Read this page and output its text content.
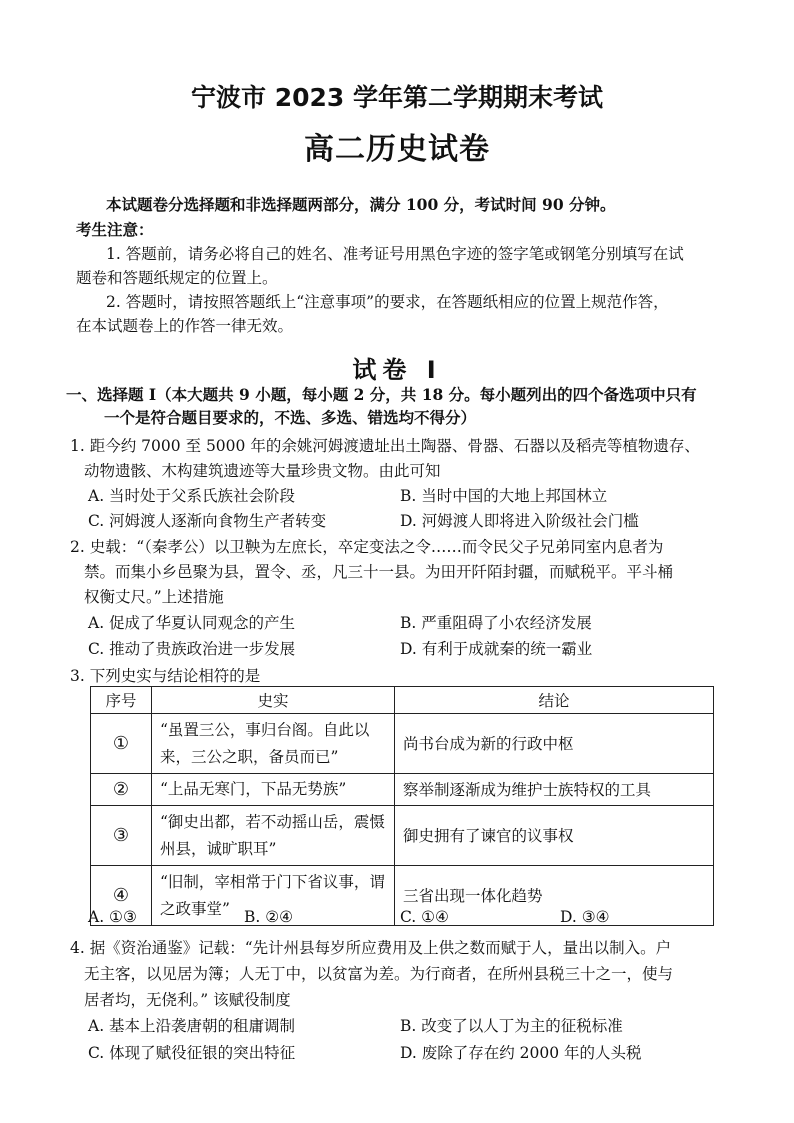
宁波市 2023 学年第二学期期末考试
高二历史试卷
本试题卷分选择题和非选择题两部分，满分 100 分，考试时间 90 分钟。
考生注意：
1. 答题前，请务必将自己的姓名、准考证号用黑色字迹的签字笔或钢笔分别填写在试
题卷和答题纸规定的位置上。
2. 答题时，请按照答题纸上“注意事项”的要求，在答题纸相应的位置上规范作答，
在本试题卷上的作答一律无效。
试卷 I
一、选择题 I（本大题共 9 小题，每小题 2 分，共 18 分。每小题列出的四个备选项中只有
一个是符合题目要求的，不选、多选、错选均不得分）
1. 距今约 7000 至 5000 年的余姚河姆渡遗址出土陶器、骨器、石器以及稻壳等植物遗存、
动物遗骸、木构建筑遗迹等大量珍贵文物。由此可知
A. 当时处于父系氏族社会阶段	B. 当时中国的大地上邦国林立
C. 河姆渡人逐渐向食物生产者转变	D. 河姆渡人即将进入阶级社会门槛
2. 史载：“（秦孝公）以卫鞅为左庶长，卒定变法之令……而令民父子兄弟同室内息者为
禁。而集小乡邑聚为县，置令、丞，凡三十一县。为田开阡陌封疆，而赋税平。平斗桶
权衡丈尺。”上述措施
A. 促成了华夏认同观念的产生	B. 严重阻碍了小农经济发展
C. 推动了贵族政治进一步发展	D. 有利于成就秦的统一霸业
3. 下列史实与结论相符的是
序号	史实	结论
①	“虽置三公，事归台阁。自此以来，三公之职，备员而已”	尚书台成为新的行政中枢
②	“上品无寒门，下品无势族”	察举制逐渐成为维护士族特权的工具
③	“御史出都，若不动摇山岳，震慑州县，诚旷职耳”	御史拥有了谏官的议事权
④	“旧制，宰相常于门下省议事，谓之政事堂”	三省出现一体化趋势
A. ①③	B. ②④	C. ①④	D. ③④
4. 据《资治通鉴》记载：“先计州县每岁所应费用及上供之数而赋于人，量出以制入。户
无主客，以见居为簿；人无丁中，以贫富为差。为行商者，在所州县税三十之一，使与
居者均，无侥利。” 该赋役制度
A. 基本上沿袭唐朝的租庸调制	B. 改变了以人丁为主的征税标准
C. 体现了赋役征银的突出特征	D. 废除了存在约 2000 年的人头税
